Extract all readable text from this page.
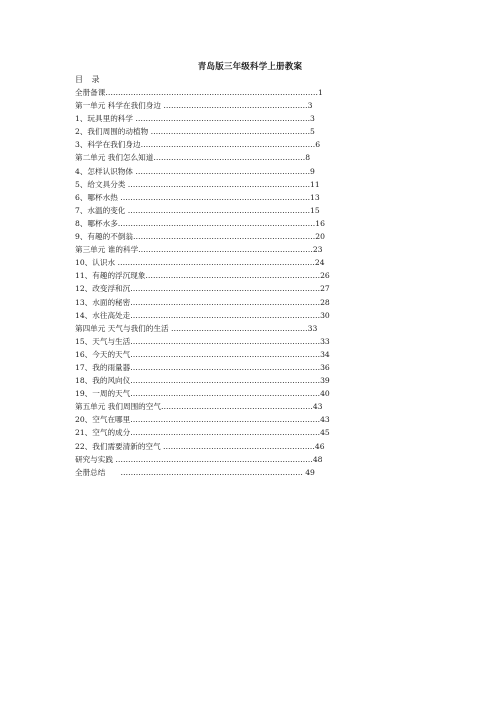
青岛版三年级科学上册教案
目 录
全册备课…………………………………………………………………………1
第一单元 科学在我们身边 …………………………………………………3
1、玩具里的科学 ……………………………………………………………3
2、我们周围的动植物 ………………………………………………………5
3、科学在我们身边……………………………………………………………6
第二单元 我们怎么知道……………………………………………………8
4、怎样认识物体 ……………………………………………………………9
5、给文具分类 ………………………………………………………………11
6、哪杯水热 …………………………………………………………………13
7、水温的变化 ………………………………………………………………15
8、哪杯水多……………………………………………………………………16
9、有趣的不倒翁………………………………………………………………20
第三单元 谁的科学……………………………………………………………23
10、认识水 ……………………………………………………………………24
11、有趣的浮沉现象……………………………………………………………26
12、改变浮和沉…………………………………………………………………27
13、水面的秘密…………………………………………………………………28
14、水往高处走…………………………………………………………………30
第四单元 天气与我们的生活 ………………………………………………33
15、天气与生活…………………………………………………………………33
16、今天的天气…………………………………………………………………34
17、我的雨量器…………………………………………………………………36
18、我的风向仪…………………………………………………………………39
19、一周的天气…………………………………………………………………40
第五单元 我们周围的空气……………………………………………………43
20、空气在哪里…………………………………………………………………43
21、空气的成分…………………………………………………………………45
22、我们需要清新的空气 ……………………………………………………46
研究与实践 ……………………………………………………………………48
全册总结　　……………………………………………………………… 49
